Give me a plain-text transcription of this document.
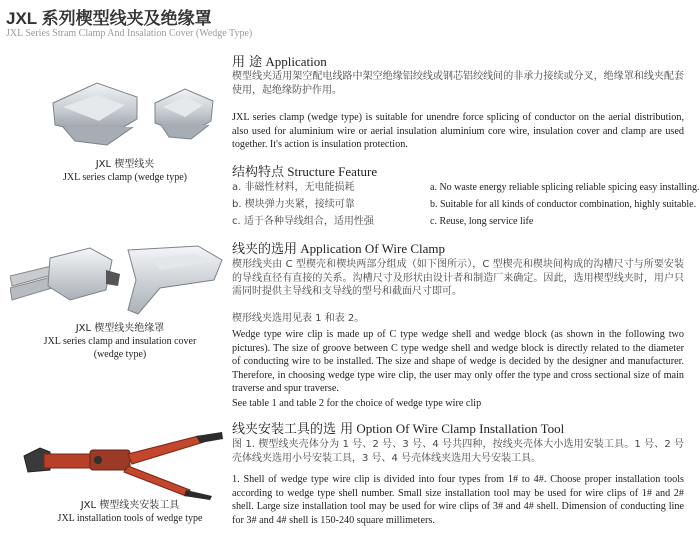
JXL 系列楔型线夹及绝缘罩
JXL Series Stram Clamp And Insalation Cover (Wedge Type)
JXL 楔型线夹
JXL series clamp (wedge type)
JXL 楔型线夹绝缘罩
JXL series clamp and insulation cover
(wedge type)
JXL 楔型线夹安装工具
JXL installation tools of wedge type
用 途 Application
楔型线夹适用架空配电线路中架空绝缘铝绞线或钢芯铝绞线间的非承力接续或分叉，绝缘罩和线夹配套使用，起绝缘防护作用。
JXL series clamp (wedge type) is suitable for unendre force splicing of conductor on the aerial distribution, also used for aluminium wire or aerial insulation aluminium core wire, insulation cover and clamp are used together. It's action is insulation protection.
结构特点 Structure Feature
a. 非磁性材料，无电能损耗
b. 楔块弹力夹紧，接续可靠
c. 适于各种导线组合，适用性强
a. No waste energy reliable splicing reliable spicing easy installing.
b. Suitable for all kinds of conductor combination, highly suitable.
c. Reuse, long service life
线夹的选用 Application Of Wire Clamp
楔形线夹由 C 型楔壳和楔块两部分组成（如下图所示），C 型楔壳和楔块间构成的沟槽尺寸与所要安装的导线直径有直接的关系。沟槽尺寸及形状由设计者和制造厂来确定。因此，选用楔型线夹时，用户只需同时提供主导线和支导线的型号和截面尺寸即可。
楔形线夹选用见表 1 和表 2。
Wedge type wire clip is made up of C type wedge shell and wedge block (as shown in the following two pictures). The size of groove between C type wedge shell and wedge block is directly related to the diameter of conducting wire to be installed. The size and shape of wedge is decided by the designer and manufacturer. Therefore, in choosing wedge type wire clip, the user may only offer the type and cross sectional size of main traverse and spur traverse.
See table 1 and table 2 for the choice of wedge type wire clip
线夹安装工具的选 用 Option Of Wire Clamp Installation Tool
图 1. 楔型线夹壳体分为 1 号、2 号、3 号、4 号共四种，按线夹壳体大小选用安装工具。1 号、2 号壳体线夹选用小号安装工具，3 号、4 号壳体线夹选用大号安装工具。
1. Shell of wedge type wire clip is divided into four types from 1# to 4#. Choose proper installation tools according to wedge type shell number. Small size installation tool may be used for wire clips of 1# and 2# shell. Large size installation tool may be used for wire clips of 3# and 4# shell. Dimension of conducting line for 3# and 4# shell is 150-240 square millimeters.
